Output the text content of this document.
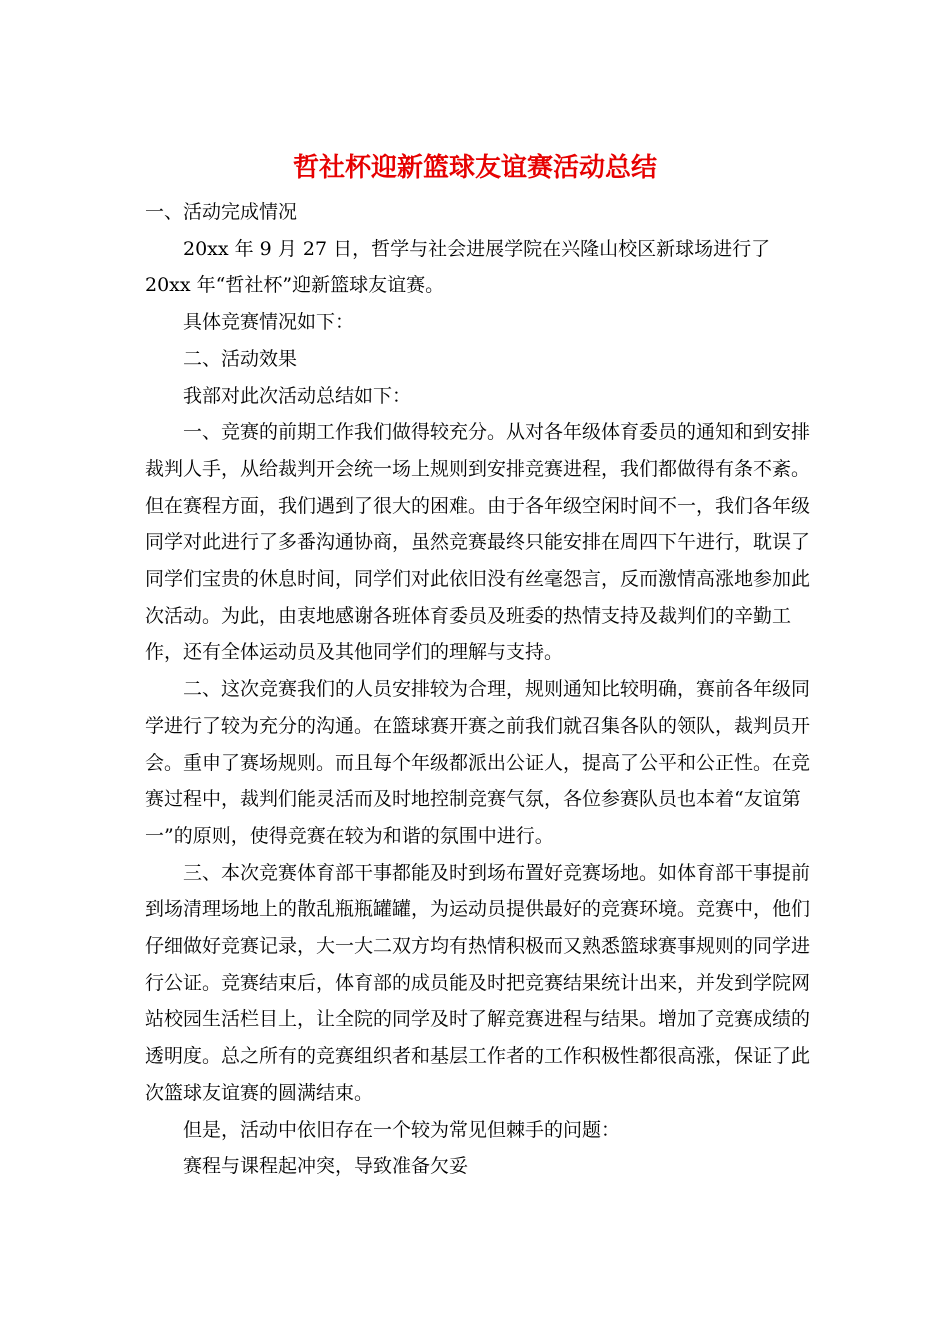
哲社杯迎新篮球友谊赛活动总结

一、活动完成情况

20xx 年 9 月 27 日，哲学与社会进展学院在兴隆山校区新球场进行了 20xx 年“哲社杯”迎新篮球友谊赛。

具体竞赛情况如下：

二、活动效果

我部对此次活动总结如下：

一、竞赛的前期工作我们做得较充分。从对各年级体育委员的通知和到安排裁判人手，从给裁判开会统一场上规则到安排竞赛进程，我们都做得有条不紊。但在赛程方面，我们遇到了很大的困难。由于各年级空闲时间不一，我们各年级同学对此进行了多番沟通协商，虽然竞赛最终只能安排在周四下午进行，耽误了同学们宝贵的休息时间，同学们对此依旧没有丝毫怨言，反而激情高涨地参加此次活动。为此，由衷地感谢各班体育委员及班委的热情支持及裁判们的辛勤工作，还有全体运动员及其他同学们的理解与支持。

二、这次竞赛我们的人员安排较为合理，规则通知比较明确，赛前各年级同学进行了较为充分的沟通。在篮球赛开赛之前我们就召集各队的领队，裁判员开会。重申了赛场规则。而且每个年级都派出公证人，提高了公平和公正性。在竞赛过程中，裁判们能灵活而及时地控制竞赛气氛，各位参赛队员也本着“友谊第一”的原则，使得竞赛在较为和谐的氛围中进行。

三、本次竞赛体育部干事都能及时到场布置好竞赛场地。如体育部干事提前到场清理场地上的散乱瓶瓶罐罐，为运动员提供最好的竞赛环境。竞赛中，他们仔细做好竞赛记录，大一大二双方均有热情积极而又熟悉篮球赛事规则的同学进行公证。竞赛结束后，体育部的成员能及时把竞赛结果统计出来，并发到学院网站校园生活栏目上，让全院的同学及时了解竞赛进程与结果。增加了竞赛成绩的透明度。总之所有的竞赛组织者和基层工作者的工作积极性都很高涨，保证了此次篮球友谊赛的圆满结束。

但是，活动中依旧存在一个较为常见但棘手的问题：

赛程与课程起冲突，导致准备欠妥
